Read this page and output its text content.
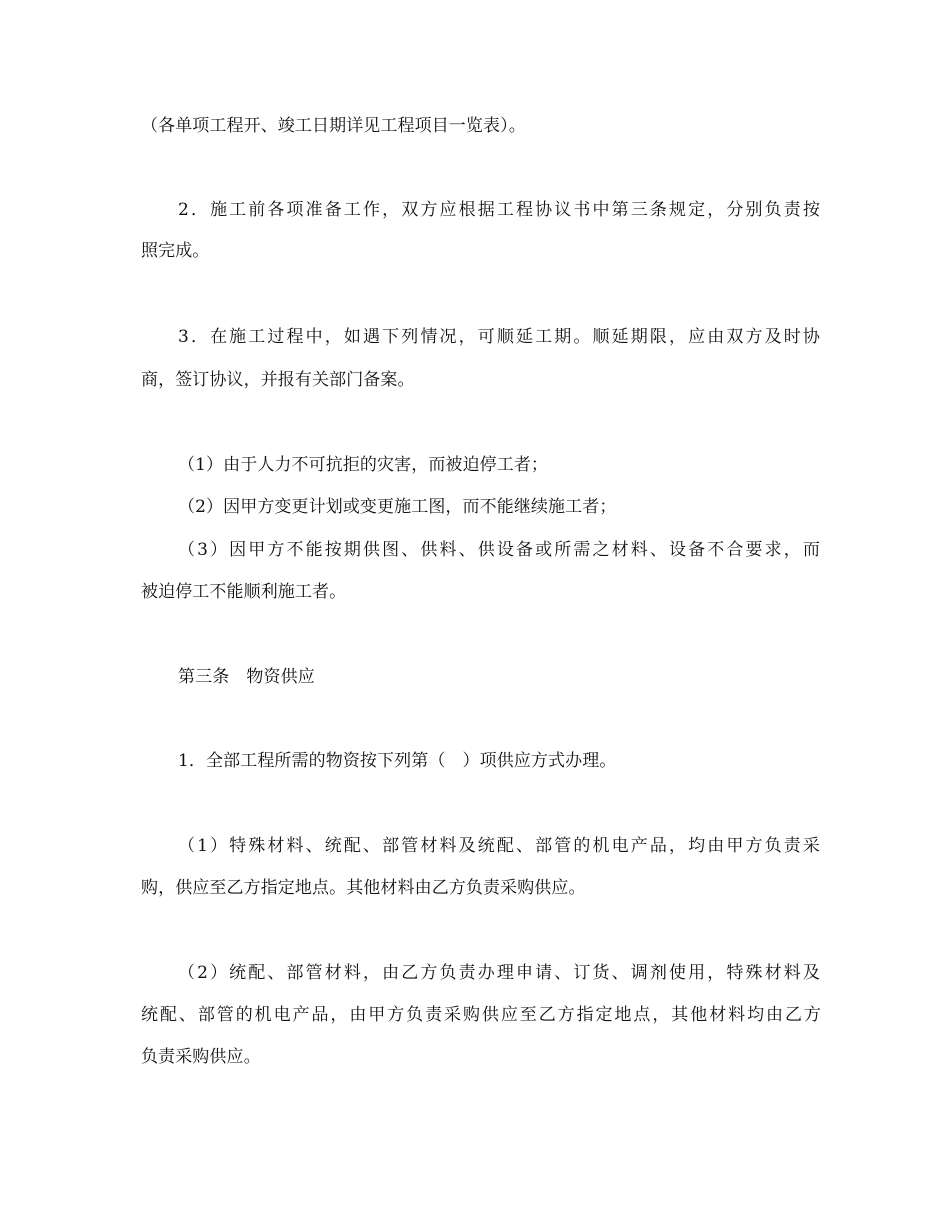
（各单项工程开、竣工日期详见工程项目一览表）。
2．施工前各项准备工作，双方应根据工程协议书中第三条规定，分别负责按
照完成。
3．在施工过程中，如遇下列情况，可顺延工期。顺延期限，应由双方及时协
商，签订协议，并报有关部门备案。
（1）由于人力不可抗拒的灾害，而被迫停工者；
（2）因甲方变更计划或变更施工图，而不能继续施工者；
（3）因甲方不能按期供图、供料、供设备或所需之材料、设备不合要求，而
被迫停工不能顺利施工者。
第三条　物资供应
1．全部工程所需的物资按下列第（　）项供应方式办理。
（1）特殊材料、统配、部管材料及统配、部管的机电产品，均由甲方负责采
购，供应至乙方指定地点。其他材料由乙方负责采购供应。
（2）统配、部管材料，由乙方负责办理申请、订货、调剂使用，特殊材料及
统配、部管的机电产品，由甲方负责采购供应至乙方指定地点，其他材料均由乙方
负责采购供应。
